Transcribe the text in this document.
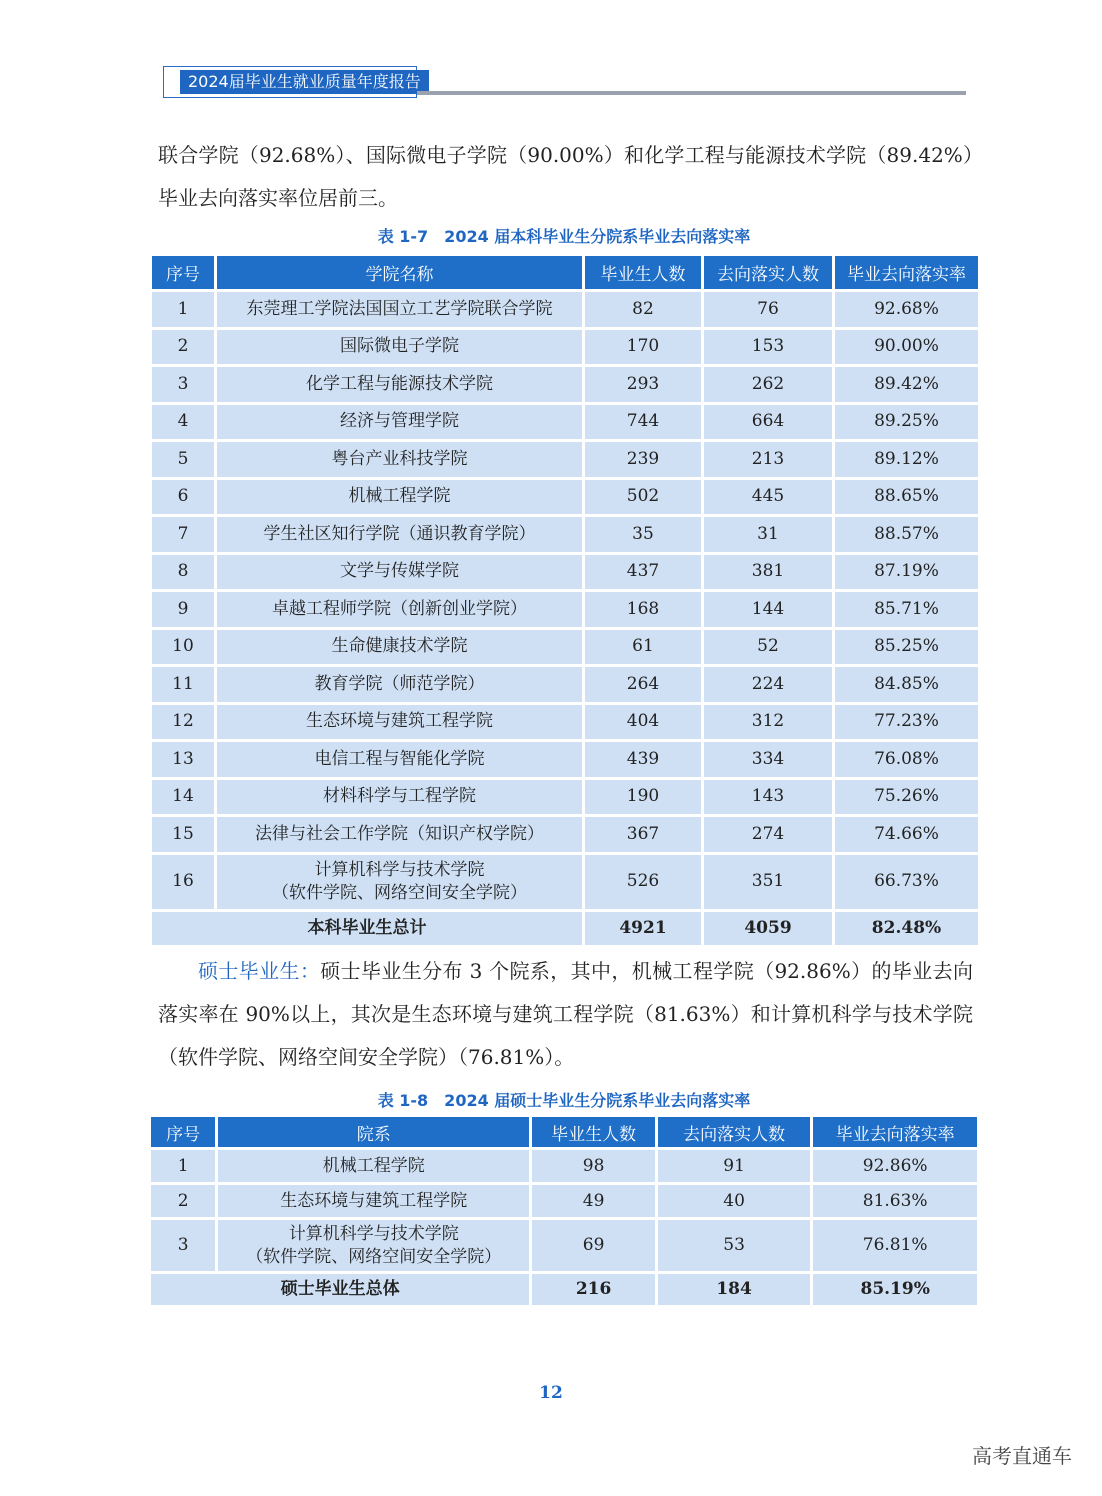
2024届毕业生就业质量年度报告

联合学院（92.68%）、国际微电子学院（90.00%）和化学工程与能源技术学院（89.42%）毕业去向落实率位居前三。

表 1-7　2024 届本科毕业生分院系毕业去向落实率
序号	学院名称	毕业生人数	去向落实人数	毕业去向落实率
1	东莞理工学院法国国立工艺学院联合学院	82	76	92.68%
2	国际微电子学院	170	153	90.00%
3	化学工程与能源技术学院	293	262	89.42%
4	经济与管理学院	744	664	89.25%
5	粤台产业科技学院	239	213	89.12%
6	机械工程学院	502	445	88.65%
7	学生社区知行学院（通识教育学院）	35	31	88.57%
8	文学与传媒学院	437	381	87.19%
9	卓越工程师学院（创新创业学院）	168	144	85.71%
10	生命健康技术学院	61	52	85.25%
11	教育学院（师范学院）	264	224	84.85%
12	生态环境与建筑工程学院	404	312	77.23%
13	电信工程与智能化学院	439	334	76.08%
14	材料科学与工程学院	190	143	75.26%
15	法律与社会工作学院（知识产权学院）	367	274	74.66%
16	计算机科学与技术学院
（软件学院、网络空间安全学院）	526	351	66.73%
本科毕业生总计		4921	4059	82.48%

硕士毕业生：硕士毕业生分布 3 个院系，其中，机械工程学院（92.86%）的毕业去向落实率在 90%以上，其次是生态环境与建筑工程学院（81.63%）和计算机科学与技术学院（软件学院、网络空间安全学院）（76.81%）。

表 1-8　2024 届硕士毕业生分院系毕业去向落实率
序号	院系	毕业生人数	去向落实人数	毕业去向落实率
1	机械工程学院	98	91	92.86%
2	生态环境与建筑工程学院	49	40	81.63%
3	计算机科学与技术学院
（软件学院、网络空间安全学院）	69	53	76.81%
硕士毕业生总体		216	184	85.19%
12
高考直通车
